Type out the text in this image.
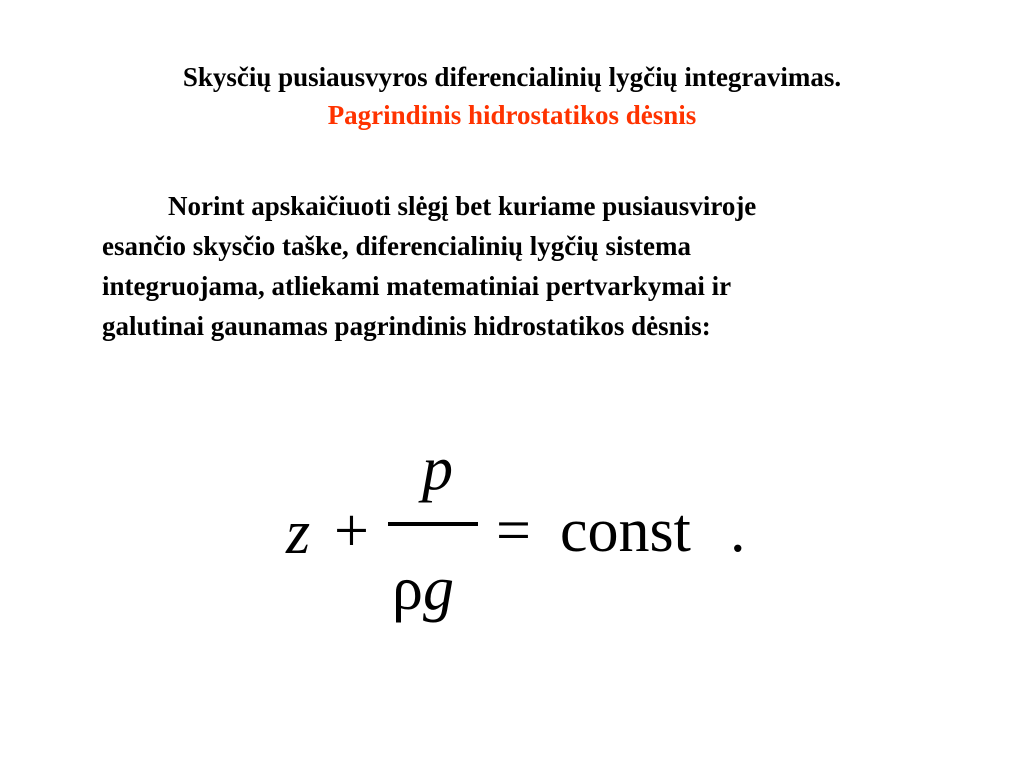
Skysčių pusiausvyros diferencialinių lygčių integravimas.
Pagrindinis hidrostatikos dėsnis
Norint apskaičiuoti slėgį bet kuriame pusiausviroje
esančio skysčio taške, diferencialinių lygčių sistema
integruojama, atliekami matematiniai pertvarkymai ir
galutinai gaunamas pagrindinis hidrostatikos dėsnis:
z +
p
ρg
= const .
